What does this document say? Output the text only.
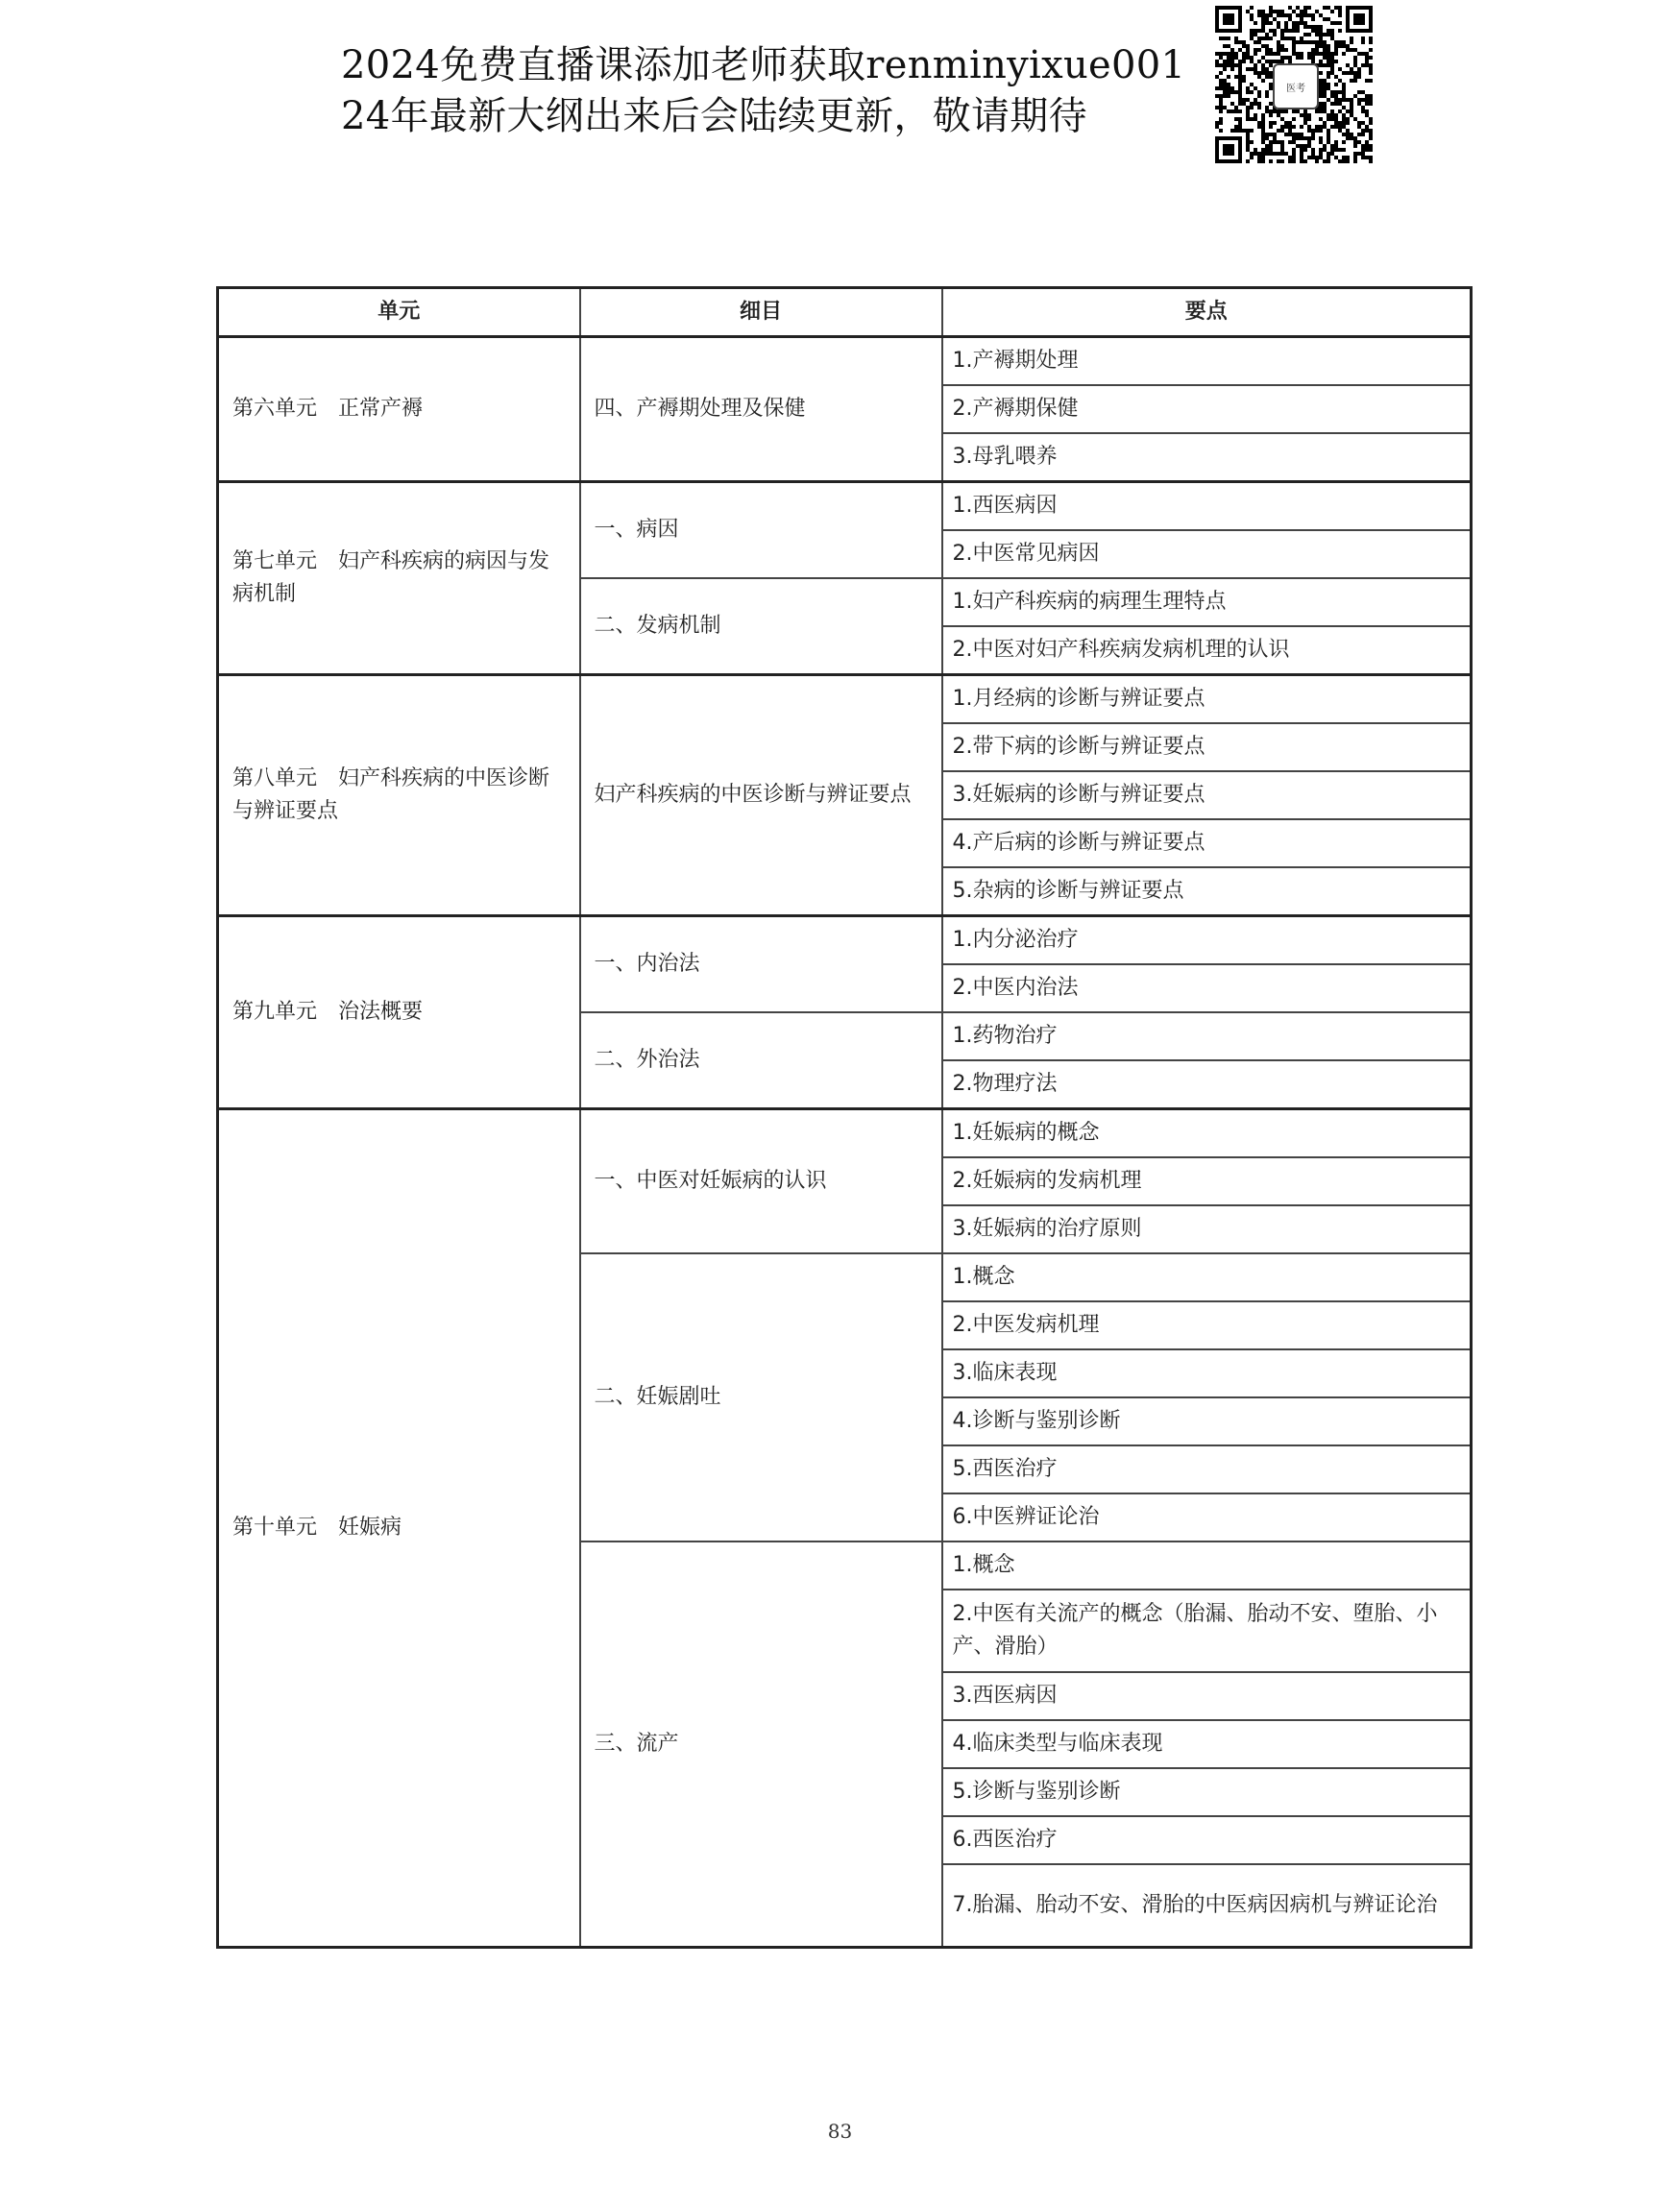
2024免费直播课添加老师获取renminyixue001
24年最新大纲出来后会陆续更新，敬请期待
医考
单元	细目	要点
第六单元　正常产褥	四、产褥期处理及保健	1.产褥期处理
		2.产褥期保健
		3.母乳喂养
第七单元　妇产科疾病的病因与发病机制	一、病因	1.西医病因
		2.中医常见病因
	二、发病机制	1.妇产科疾病的病理生理特点
		2.中医对妇产科疾病发病机理的认识
第八单元　妇产科疾病的中医诊断与辨证要点	妇产科疾病的中医诊断与辨证要点	1.月经病的诊断与辨证要点
		2.带下病的诊断与辨证要点
		3.妊娠病的诊断与辨证要点
		4.产后病的诊断与辨证要点
		5.杂病的诊断与辨证要点
第九单元　治法概要	一、内治法	1.内分泌治疗
		2.中医内治法
	二、外治法	1.药物治疗
		2.物理疗法
第十单元　妊娠病	一、中医对妊娠病的认识	1.妊娠病的概念
		2.妊娠病的发病机理
		3.妊娠病的治疗原则
	二、妊娠剧吐	1.概念
		2.中医发病机理
		3.临床表现
		4.诊断与鉴别诊断
		5.西医治疗
		6.中医辨证论治
	三、流产	1.概念
		2.中医有关流产的概念（胎漏、胎动不安、堕胎、小产、滑胎）
		3.西医病因
		4.临床类型与临床表现
		5.诊断与鉴别诊断
		6.西医治疗
		7.胎漏、胎动不安、滑胎的中医病因病机与辨证论治
83
